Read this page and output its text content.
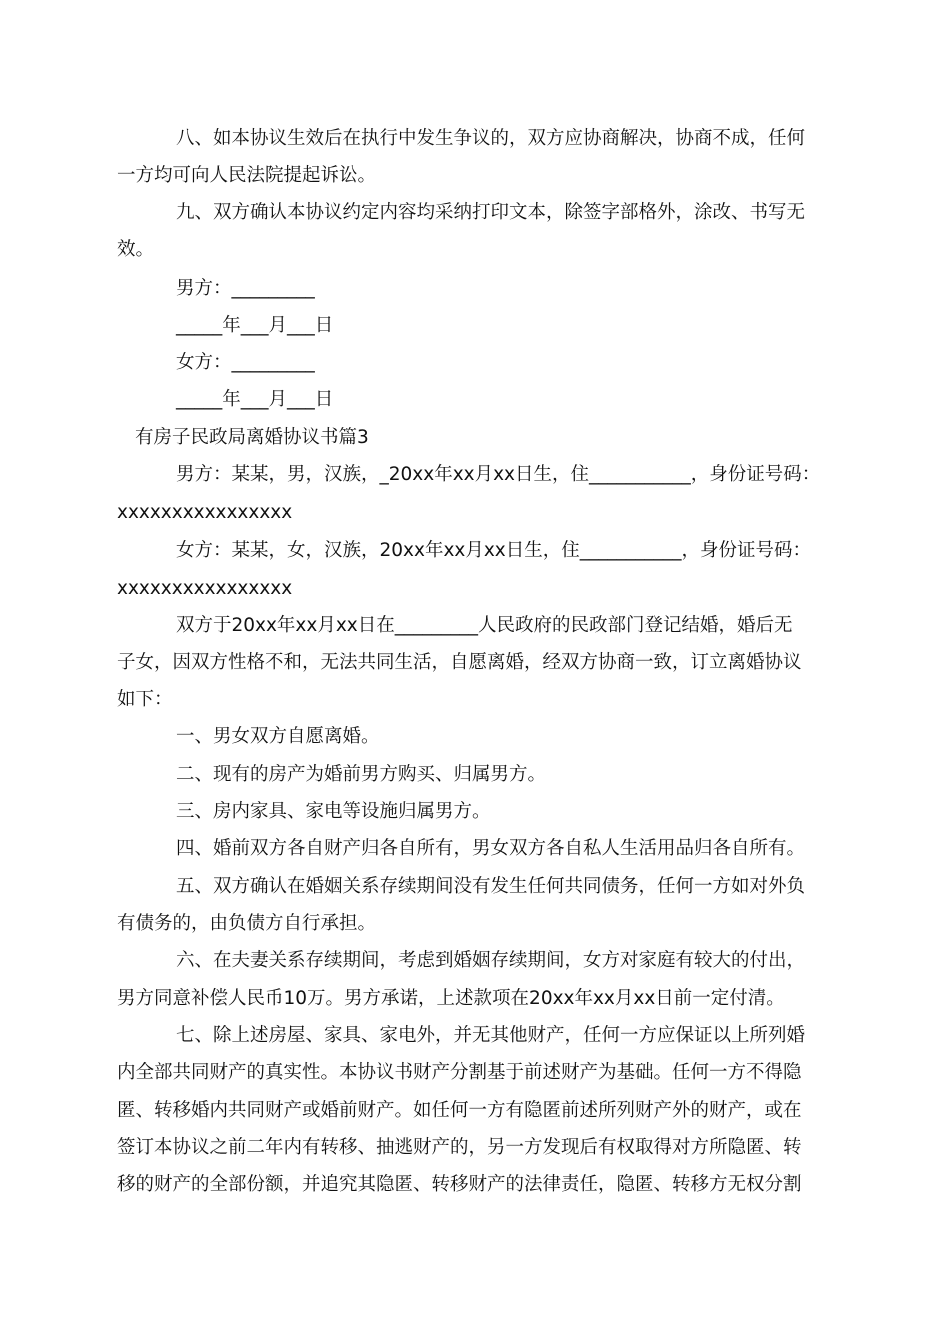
八、如本协议生效后在执行中发生争议的，双方应协商解决，协商不成，任何
一方均可向人民法院提起诉讼。
九、双方确认本协议约定内容均采纳打印文本，除签字部格外，涂改、书写无
效。
男方：_________
_____年___月___日
女方：_________
_____年___月___日
有房子民政局离婚协议书篇3
男方：某某，男，汉族，_20xx年xx月xx日生，住___________，身份证号码：
xxxxxxxxxxxxxxxx
女方：某某，女，汉族，20xx年xx月xx日生，住___________，身份证号码：
xxxxxxxxxxxxxxxx
双方于20xx年xx月xx日在_________人民政府的民政部门登记结婚，婚后无
子女，因双方性格不和，无法共同生活，自愿离婚，经双方协商一致，订立离婚协议
如下：
一、男女双方自愿离婚。
二、现有的房产为婚前男方购买、归属男方。
三、房内家具、家电等设施归属男方。
四、婚前双方各自财产归各自所有，男女双方各自私人生活用品归各自所有。
五、双方确认在婚姻关系存续期间没有发生任何共同债务，任何一方如对外负
有债务的，由负债方自行承担。
六、在夫妻关系存续期间，考虑到婚姻存续期间，女方对家庭有较大的付出，
男方同意补偿人民币10万。男方承诺，上述款项在20xx年xx月xx日前一定付清。
七、除上述房屋、家具、家电外，并无其他财产，任何一方应保证以上所列婚
内全部共同财产的真实性。本协议书财产分割基于前述财产为基础。任何一方不得隐
匿、转移婚内共同财产或婚前财产。如任何一方有隐匿前述所列财产外的财产，或在
签订本协议之前二年内有转移、抽逃财产的，另一方发现后有权取得对方所隐匿、转
移的财产的全部份额，并追究其隐匿、转移财产的法律责任，隐匿、转移方无权分割
